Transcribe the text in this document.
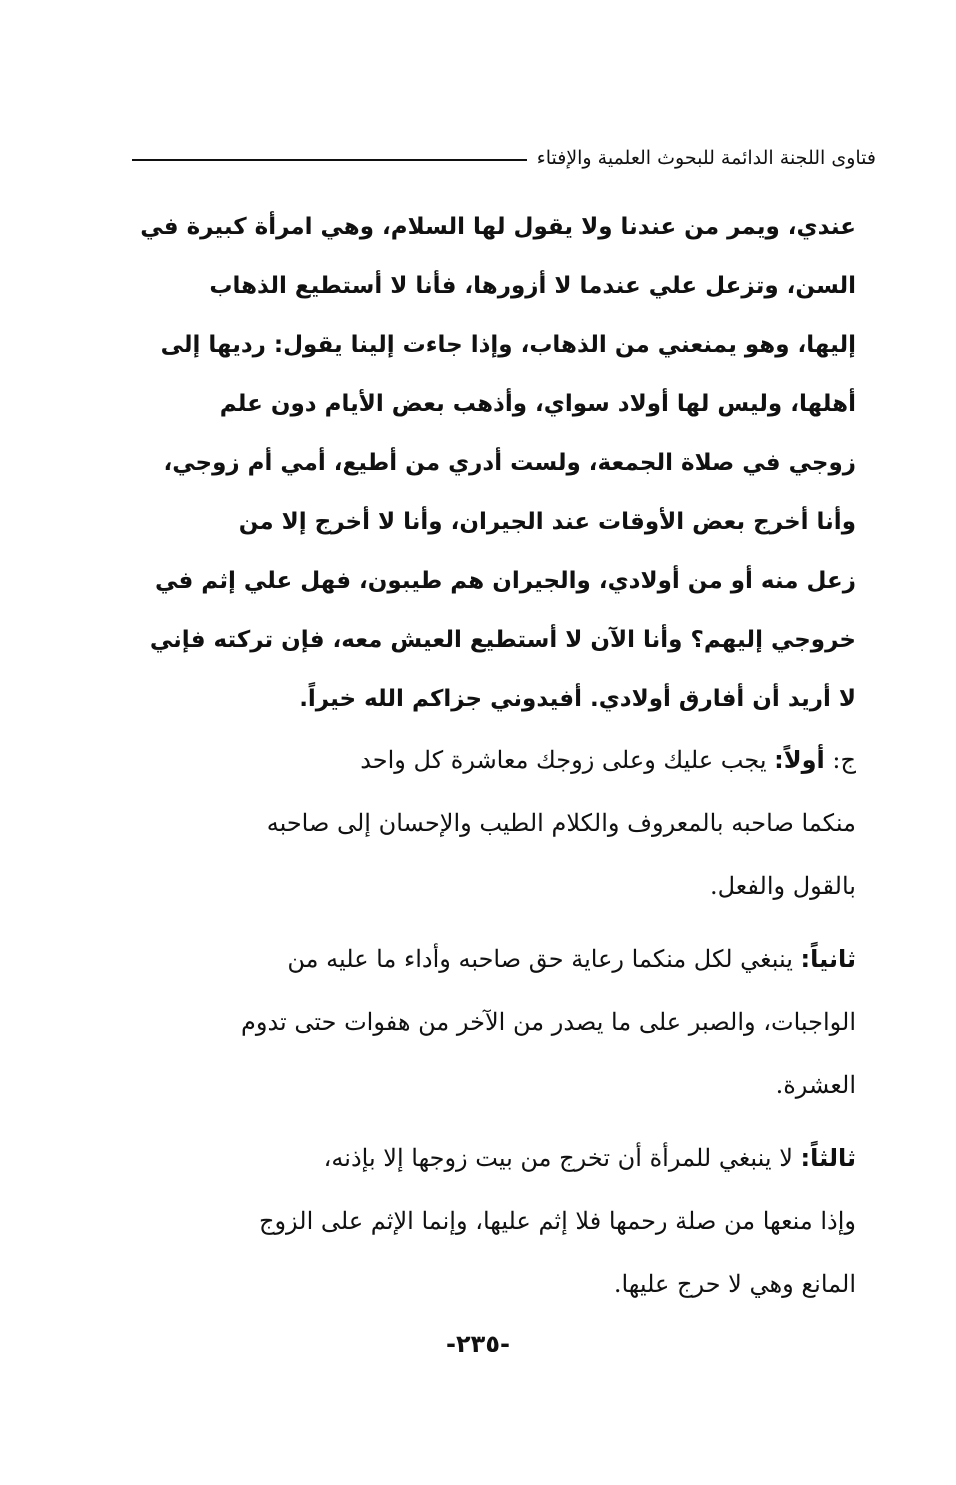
فتاوى اللجنة الدائمة للبحوث العلمية والإفتاء
عندي، ويمر من عندنا ولا يقول لها السلام، وهي امرأة كبيرة في
السن، وتزعل علي عندما لا أزورها، فأنا لا أستطيع الذهاب
إليها، وهو يمنعني من الذهاب، وإذا جاءت إلينا يقول: رديها إلى
أهلها، وليس لها أولاد سواي، وأذهب بعض الأيام دون علم
زوجي في صلاة الجمعة، ولست أدري من أطيع، أمي أم زوجي،
وأنا أخرج بعض الأوقات عند الجيران، وأنا لا أخرج إلا من
زعل منه أو من أولادي، والجيران هم طيبون، فهل علي إثم في
خروجي إليهم؟ وأنا الآن لا أستطيع العيش معه، فإن تركته فإني
لا أريد أن أفارق أولادي. أفيدوني جزاكم الله خيراً.
ج: أولاً: يجب عليك وعلى زوجك معاشرة كل واحد
منكما صاحبه بالمعروف والكلام الطيب والإحسان إلى صاحبه
بالقول والفعل.
ثانياً: ينبغي لكل منكما رعاية حق صاحبه وأداء ما عليه من
الواجبات، والصبر على ما يصدر من الآخر من هفوات حتى تدوم
العشرة.
ثالثاً: لا ينبغي للمرأة أن تخرج من بيت زوجها إلا بإذنه،
وإذا منعها من صلة رحمها فلا إثم عليها، وإنما الإثم على الزوج
المانع وهي لا حرج عليها.
-٢٣٥-
